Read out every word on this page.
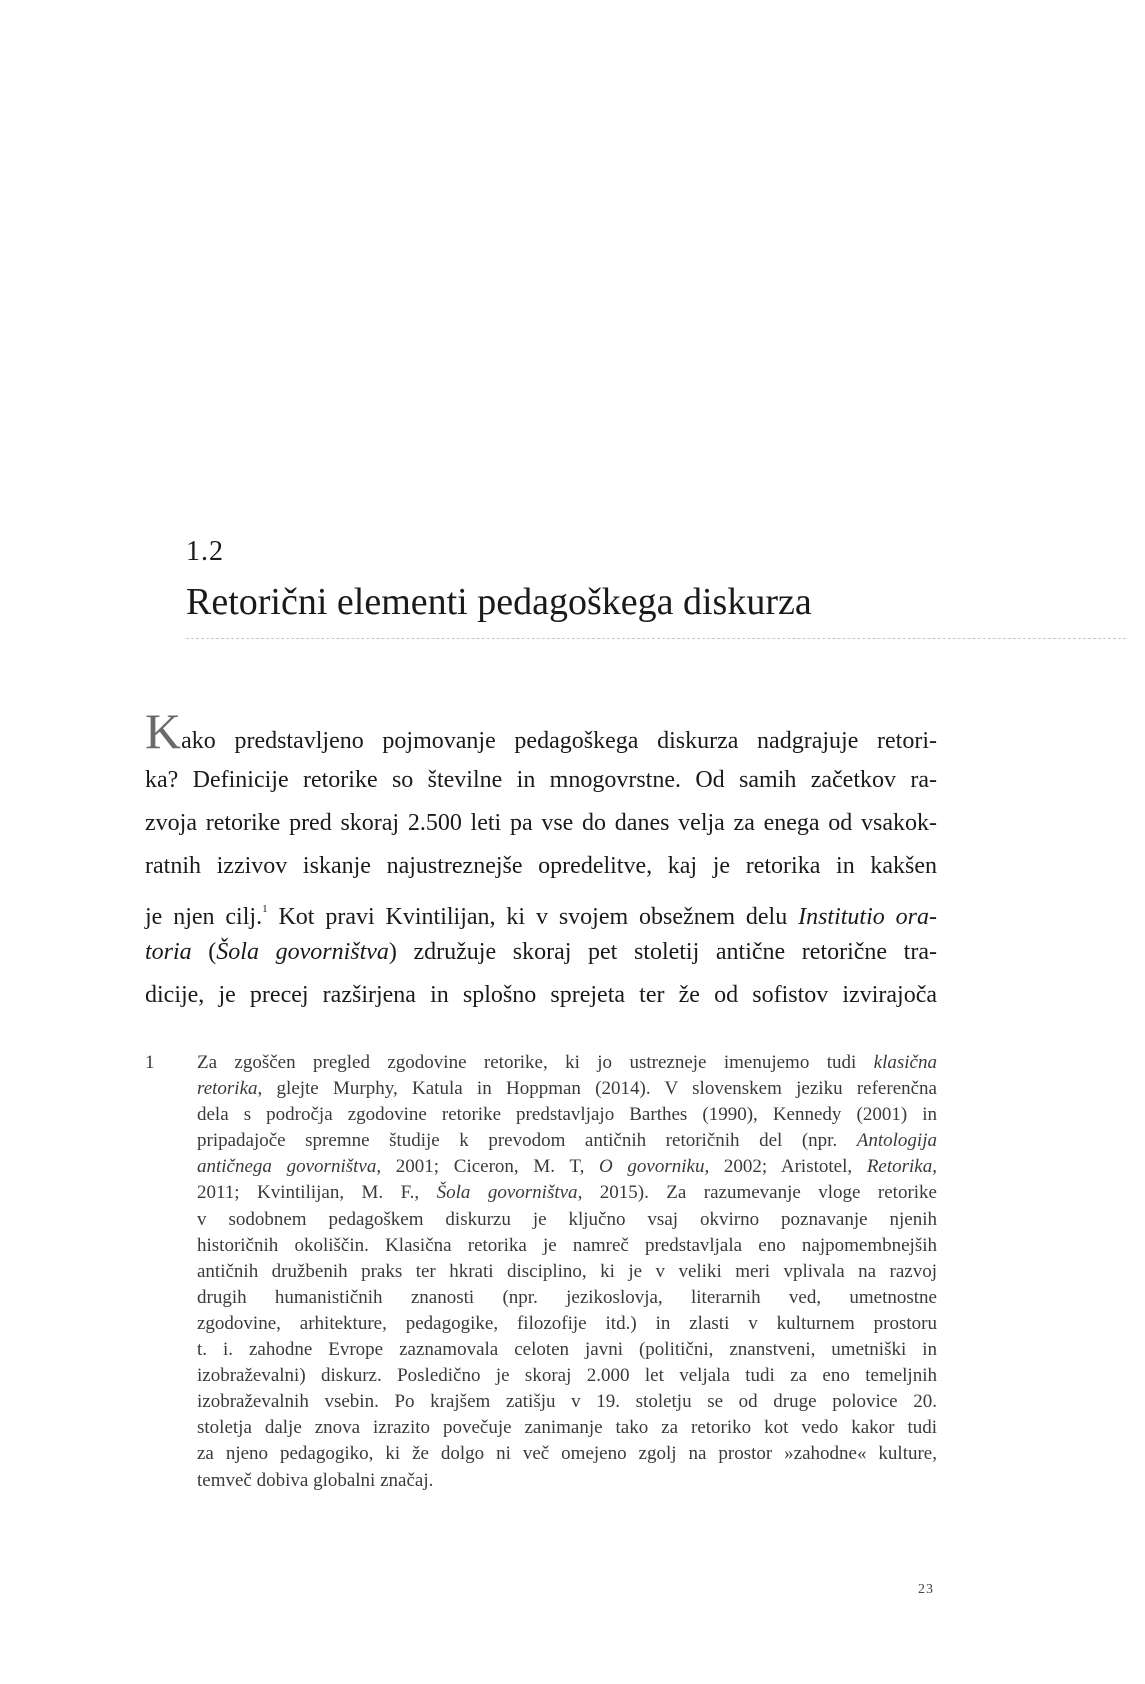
1.2
Retorični elementi pedagoškega diskurza
Kako predstavljeno pojmovanje pedagoškega diskurza nadgrajuje retori-
ka? Definicije retorike so številne in mnogovrstne. Od samih začetkov ra-
zvoja retorike pred skoraj 2.500 leti pa vse do danes velja za enega od vsakok-
ratnih izzivov iskanje najustreznejše opredelitve, kaj je retorika in kakšen
je njen cilj.$^1$ Kot pravi Kvintilijan, ki v svojem obsežnem delu Institutio ora-
toria (Šola govorništva) združuje skoraj pet stoletij antične retorične tra-
dicije, je precej razširjena in splošno sprejeta ter že od sofistov izvirajoča
1 Za zgoščen pregled zgodovine retorike, ki jo ustrezneje imenujemo tudi klasična
retorika, glejte Murphy, Katula in Hoppman (2014). V slovenskem jeziku referenčna
dela s področja zgodovine retorike predstavljajo Barthes (1990), Kennedy (2001) in
pripadajoče spremne študije k prevodom antičnih retoričnih del (npr. Antologija
antičnega govorništva, 2001; Ciceron, M. T, O govorniku, 2002; Aristotel, Retorika,
2011; Kvintilijan, M. F., Šola govorništva, 2015). Za razumevanje vloge retorike
v sodobnem pedagoškem diskurzu je ključno vsaj okvirno poznavanje njenih
historičnih okoliščin. Klasična retorika je namreč predstavljala eno najpomembnejših
antičnih družbenih praks ter hkrati disciplino, ki je v veliki meri vplivala na razvoj
drugih humanističnih znanosti (npr. jezikoslovja, literarnih ved, umetnostne
zgodovine, arhitekture, pedagogike, filozofije itd.) in zlasti v kulturnem prostoru
t. i. zahodne Evrope zaznamovala celoten javni (politični, znanstveni, umetniški in
izobraževalni) diskurz. Posledično je skoraj 2.000 let veljala tudi za eno temeljnih
izobraževalnih vsebin. Po krajšem zatišju v 19. stoletju se od druge polovice 20.
stoletja dalje znova izrazito povečuje zanimanje tako za retoriko kot vedo kakor tudi
za njeno pedagogiko, ki že dolgo ni več omejeno zgolj na prostor »zahodne« kulture,
temveč dobiva globalni značaj.
23
